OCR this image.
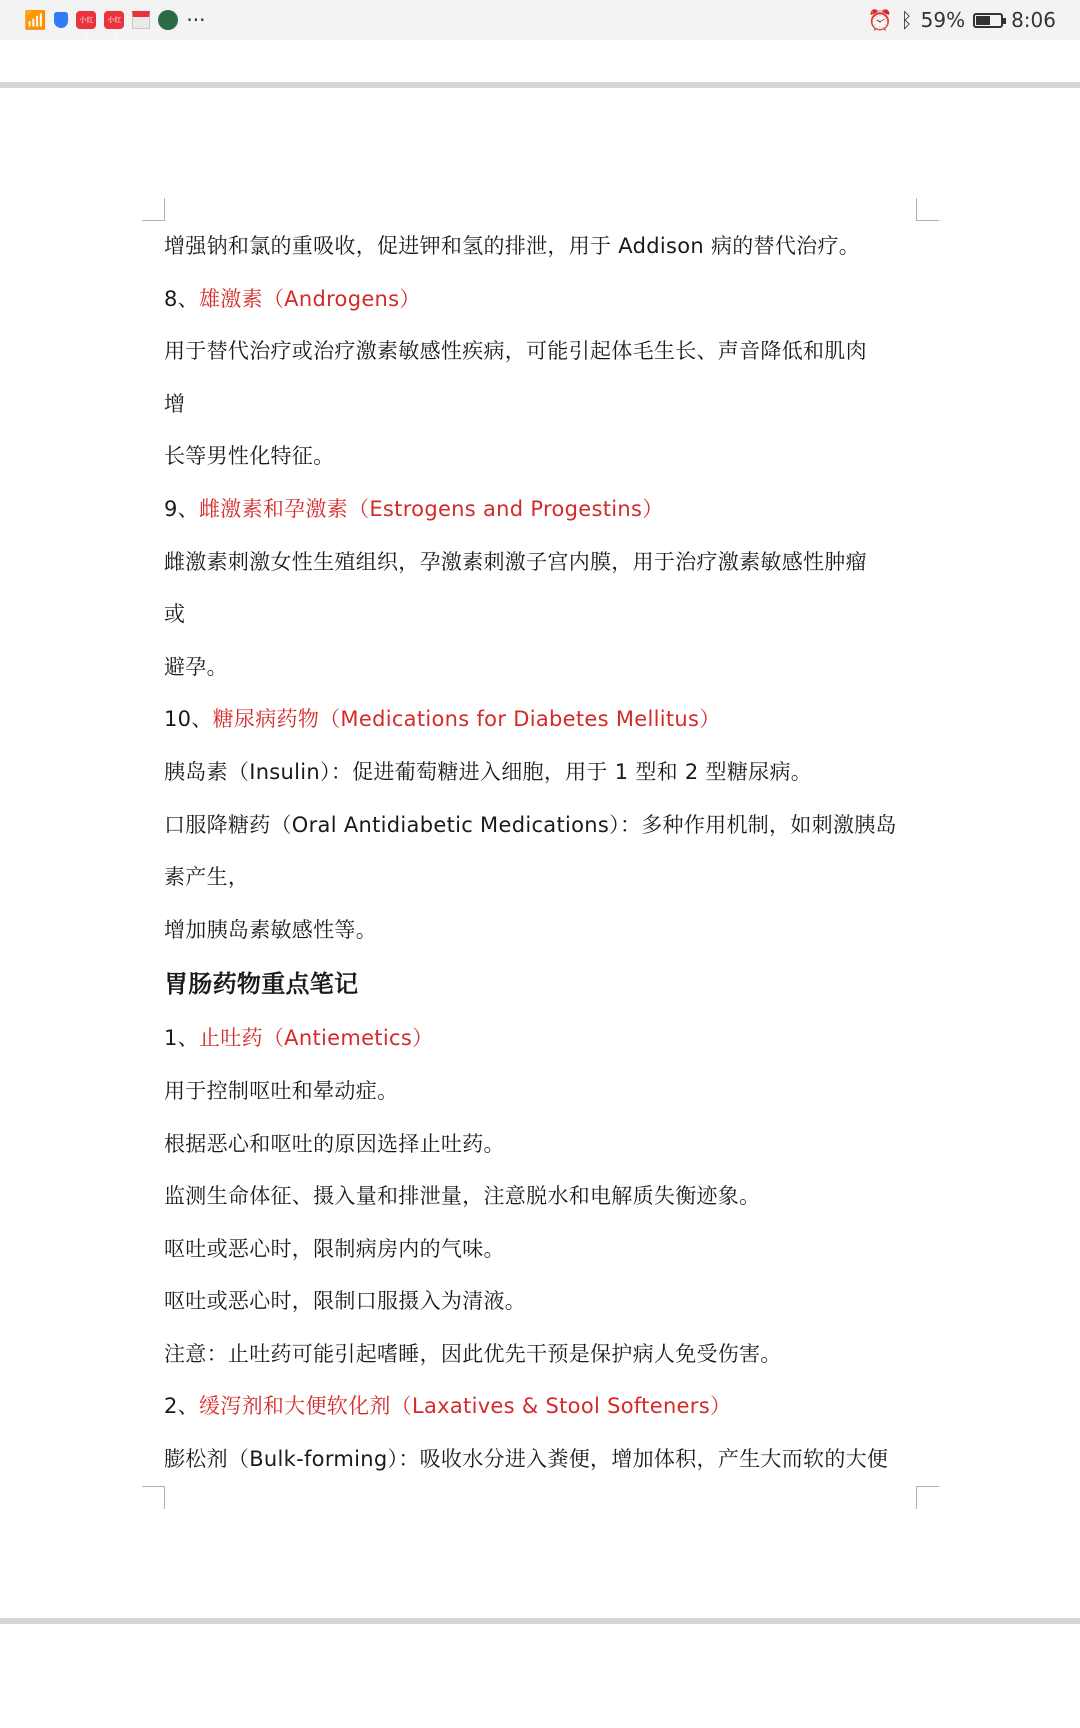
📶	小红书
小红书
···	⏰ ᛒ 59% 8:06
增强钠和氯的重吸收，促进钾和氢的排泄，用于 Addison 病的替代治疗。
8、雄激素（Androgens）
用于替代治疗或治疗激素敏感性疾病，可能引起体毛生长、声音降低和肌肉
增
长等男性化特征。
9、雌激素和孕激素（Estrogens and Progestins）
雌激素刺激女性生殖组织，孕激素刺激子宫内膜，用于治疗激素敏感性肿瘤
或
避孕。
10、糖尿病药物（Medications for Diabetes Mellitus）
胰岛素（Insulin）：促进葡萄糖进入细胞，用于 1 型和 2 型糖尿病。
口服降糖药（Oral Antidiabetic Medications）：多种作用机制，如刺激胰岛
素产生，
增加胰岛素敏感性等。
胃肠药物重点笔记
1、止吐药（Antiemetics）
用于控制呕吐和晕动症。
根据恶心和呕吐的原因选择止吐药。
监测生命体征、摄入量和排泄量，注意脱水和电解质失衡迹象。
呕吐或恶心时，限制病房内的气味。
呕吐或恶心时，限制口服摄入为清液。
注意：止吐药可能引起嗜睡，因此优先干预是保护病人免受伤害。
2、缓泻剂和大便软化剂（Laxatives & Stool Softeners）
膨松剂（Bulk-forming）：吸收水分进入粪便，增加体积，产生大而软的大便
